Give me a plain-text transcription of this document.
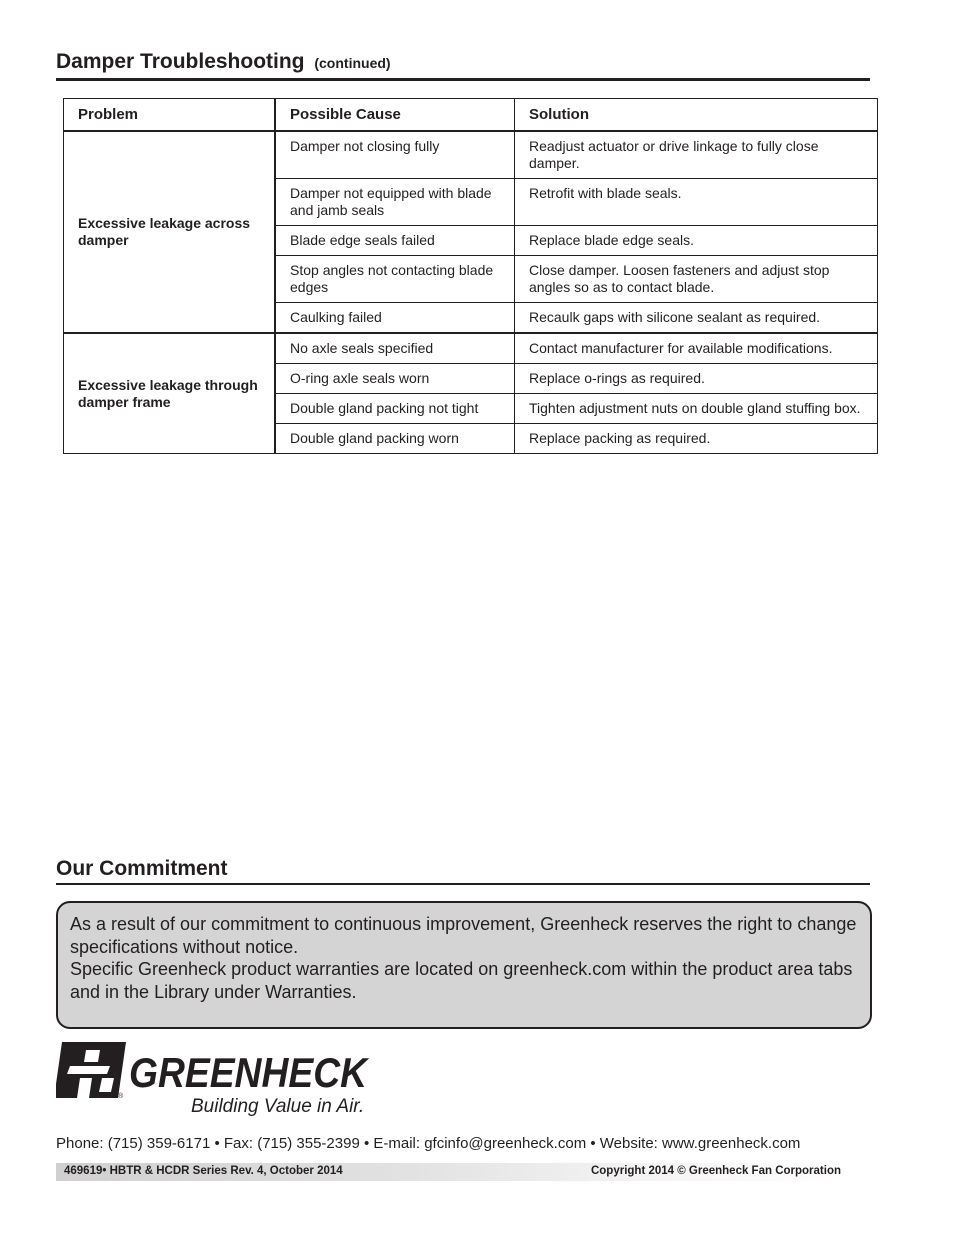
Damper Troubleshooting (continued)
Problem	Possible Cause	Solution
Excessive leakage across damper	Damper not closing fully	Readjust actuator or drive linkage to fully close damper.
	Damper not equipped with blade and jamb seals	Retrofit with blade seals.
	Blade edge seals failed	Replace blade edge seals.
	Stop angles not contacting blade edges	Close damper. Loosen fasteners and adjust stop angles so as to contact blade.
	Caulking failed	Recaulk gaps with silicone sealant as required.
Excessive leakage through damper frame	No axle seals specified	Contact manufacturer for available modifications.
	O-ring axle seals worn	Replace o-rings as required.
	Double gland packing not tight	Tighten adjustment nuts on double gland stuffing box.
	Double gland packing worn	Replace packing as required.
Our Commitment
As a result of our commitment to continuous improvement, Greenheck reserves the right to change specifications without notice.
Specific Greenheck product warranties are located on greenheck.com within the product area tabs and in the Library under Warranties.
GREENHECK
®	Building Value in Air.
Phone: (715) 359-6171 • Fax: (715) 355-2399 • E-mail: gfcinfo@greenheck.com • Website: www.greenheck.com
469619• HBTR & HCDR Series Rev. 4, October 2014	Copyright 2014 © Greenheck Fan Corporation
